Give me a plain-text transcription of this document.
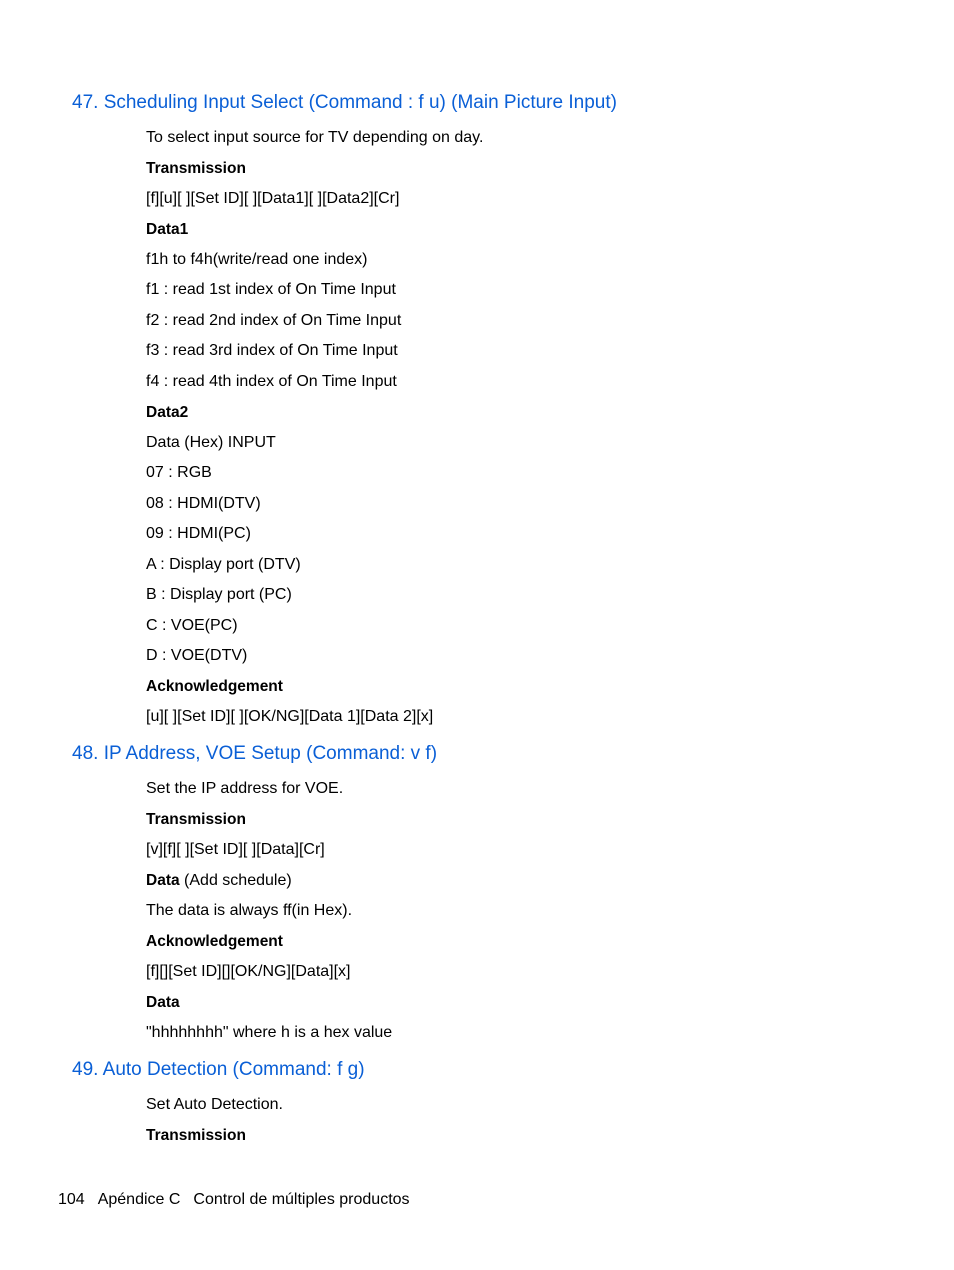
47. Scheduling Input Select (Command : f u) (Main Picture Input)

To select input source for TV depending on day.

Transmission

[f][u][ ][Set ID][ ][Data1][ ][Data2][Cr]

Data1

f1h to f4h(write/read one index)

f1 : read 1st index of On Time Input

f2 : read 2nd index of On Time Input

f3 : read 3rd index of On Time Input

f4 : read 4th index of On Time Input

Data2

Data (Hex) INPUT

07 : RGB

08 : HDMI(DTV)

09 : HDMI(PC)

A : Display port (DTV)

B : Display port (PC)

C : VOE(PC)

D : VOE(DTV)

Acknowledgement

[u][ ][Set ID][ ][OK/NG][Data 1][Data 2][x]

48. IP Address, VOE Setup (Command: v f)

Set the IP address for VOE.

Transmission

[v][f][ ][Set ID][ ][Data][Cr]

Data (Add schedule)

The data is always ff(in Hex).

Acknowledgement

[f][][Set ID][][OK/NG][Data][x]

Data

"hhhhhhhh" where h is a hex value

49. Auto Detection (Command: f g)

Set Auto Detection.

Transmission

104 Apéndice C Control de múltiples productos
